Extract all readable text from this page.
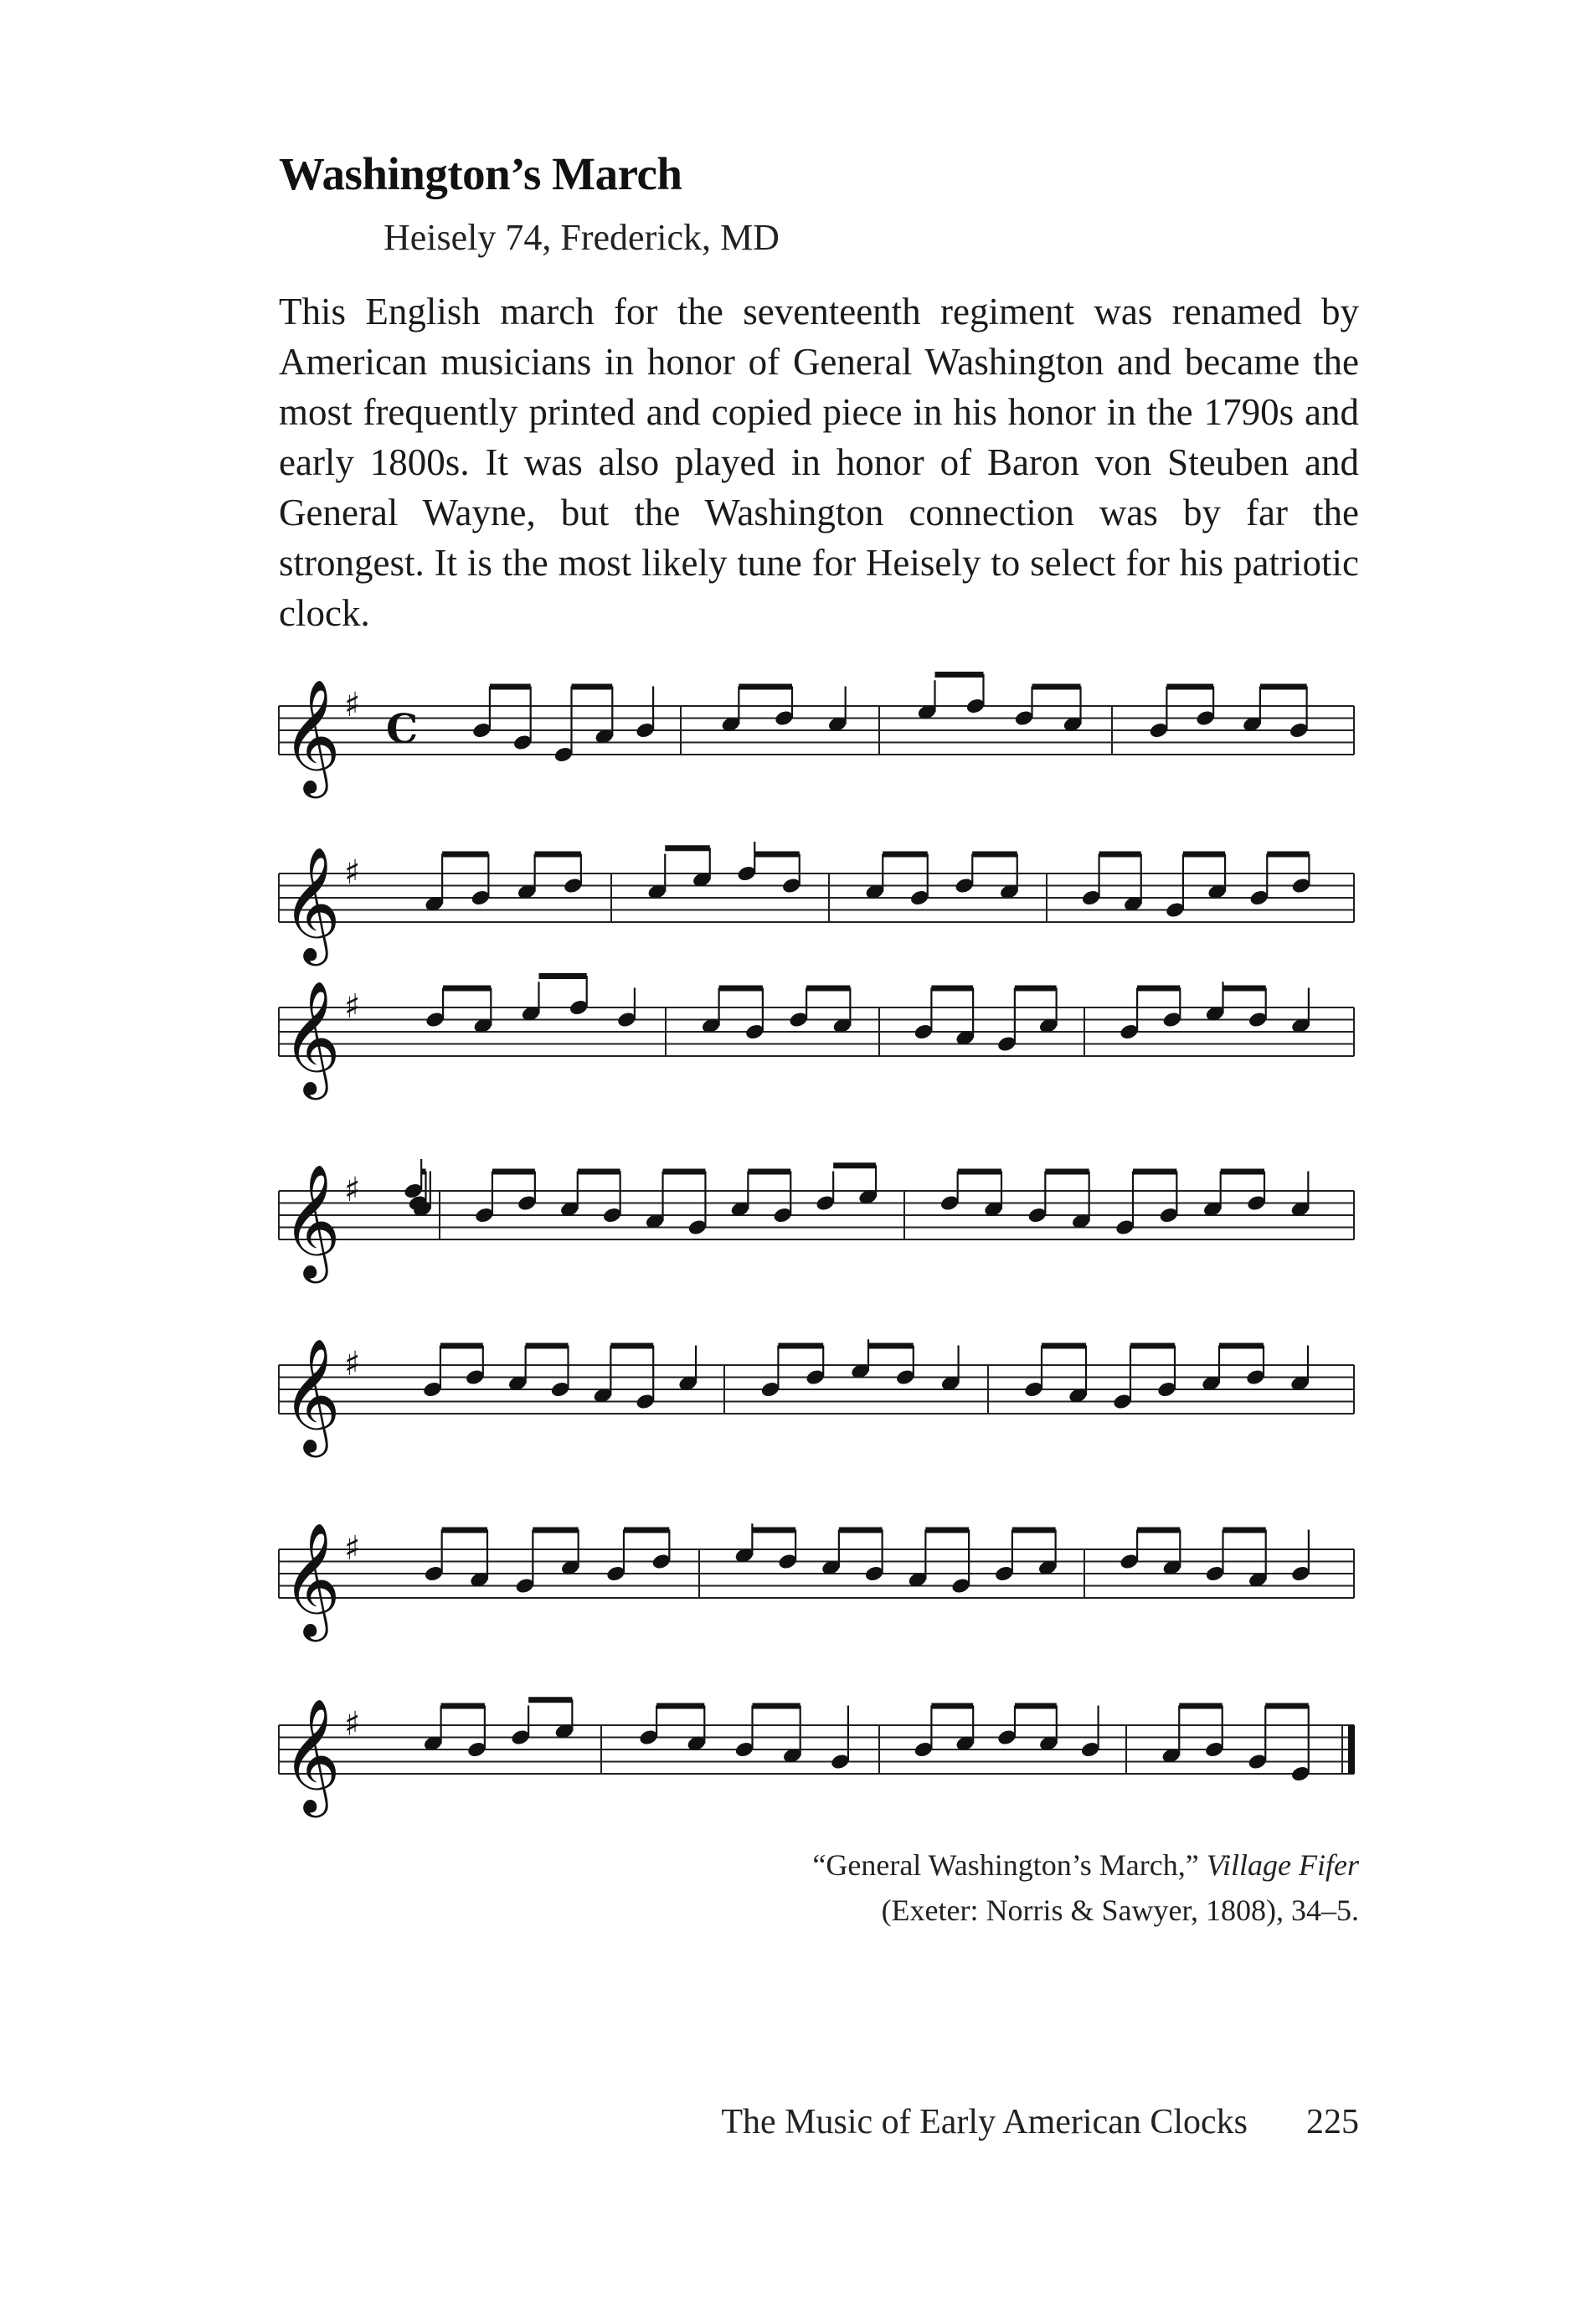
Washington’s March
Heisely 74, Frederick, MD
This English march for the seventeenth regiment was renamed by American musicians in honor of General Washington and became the most frequently printed and copied piece in his honor in the 1790s and early 1800s. It was also played in honor of Baron von Steuben and General Wayne, but the Washington connection was by far the strongest. It is the most likely tune for Heisely to select for his patriotic clock.
𝄞 ♯
C
𝄞 ♯
𝄞 ♯
𝄞 ♯
𝄞 ♯
𝄞 ♯
𝄞 ♯
“General Washington’s March,” Village Fifer
(Exeter: Norris & Sawyer, 1808), 34–5.
The Music of Early American Clocks 225
